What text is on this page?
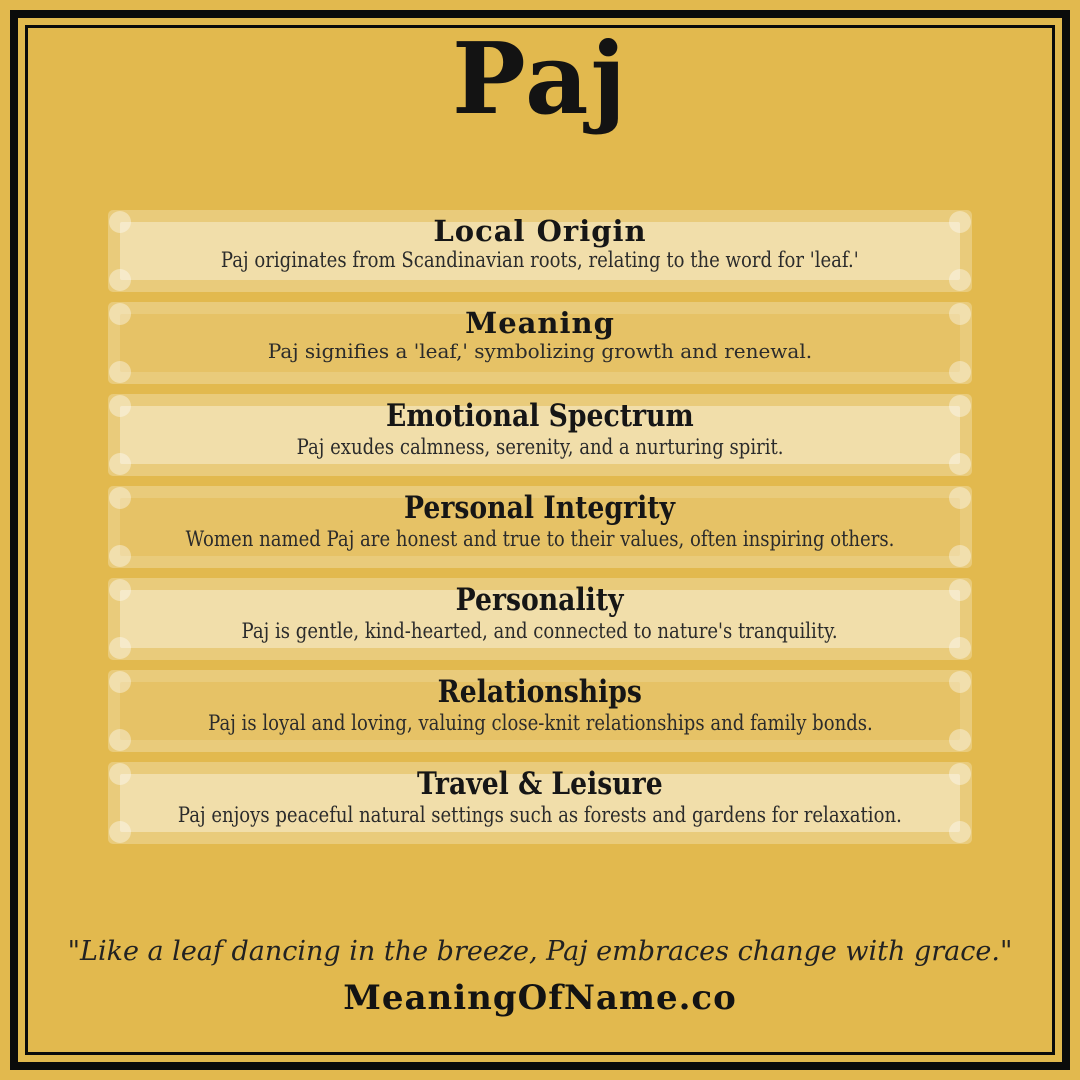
Paj
Local Origin

Paj originates from Scandinavian roots, relating to the word for 'leaf.'

Meaning

Paj signifies a 'leaf,' symbolizing growth and renewal.

Emotional Spectrum

Paj exudes calmness, serenity, and a nurturing spirit.

Personal Integrity

Women named Paj are honest and true to their values, often inspiring others.

Personality

Paj is gentle, kind-hearted, and connected to nature's tranquility.

Relationships

Paj is loyal and loving, valuing close-knit relationships and family bonds.

Travel & Leisure

Paj enjoys peaceful natural settings such as forests and gardens for relaxation.

"Like a leaf dancing in the breeze, Paj embraces change with grace."

MeaningOfName.co
